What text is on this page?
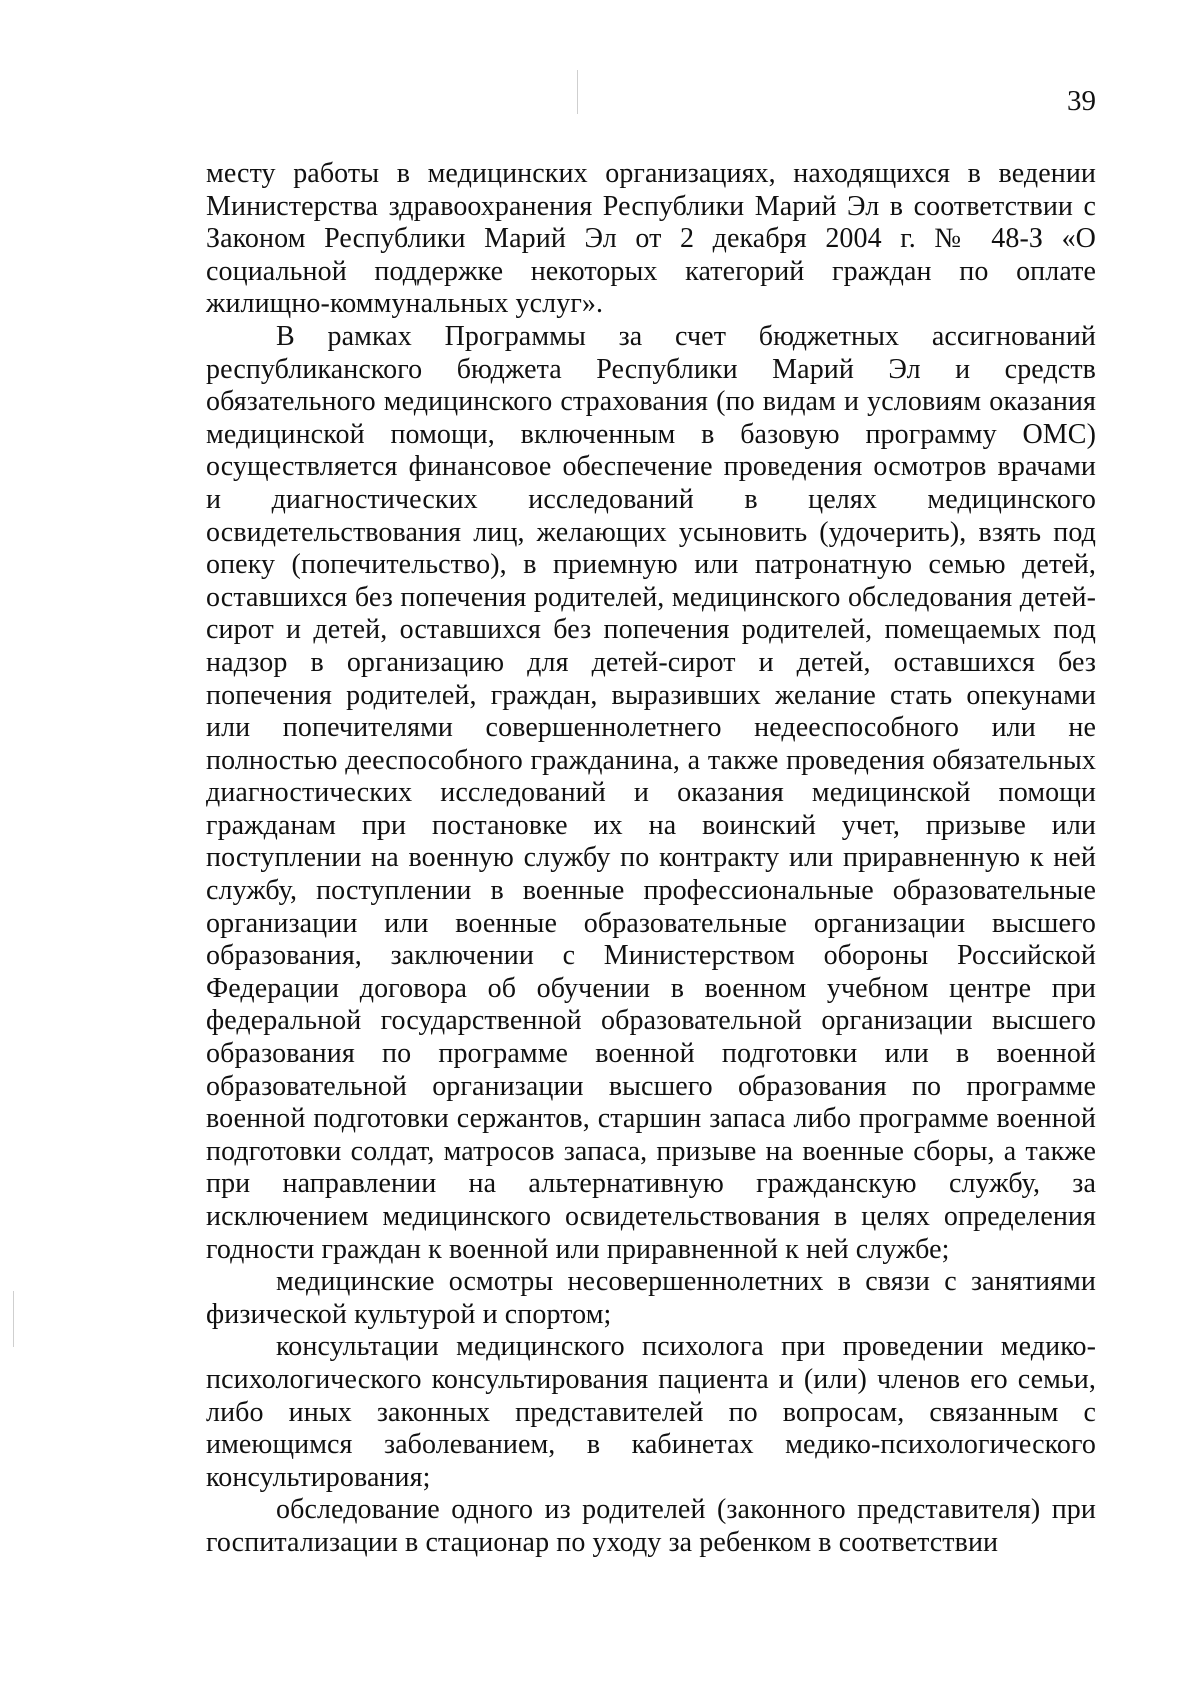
39

месту работы в медицинских организациях, находящихся в ведении Министерства здравоохранения Республики Марий Эл в соответствии с Законом Республики Марий Эл от 2 декабря 2004 г. № 48-З «О социальной поддержке некоторых категорий граждан по оплате жилищно-коммунальных услуг».

В рамках Программы за счет бюджетных ассигнований республиканского бюджета Республики Марий Эл и средств обязательного медицинского страхования (по видам и условиям оказания медицинской помощи, включенным в базовую программу ОМС) осуществляется финансовое обеспечение проведения осмотров врачами и диагностических исследований в целях медицинского освидетельствования лиц, желающих усыновить (удочерить), взять под опеку (попечительство), в приемную или патронатную семью детей, оставшихся без попечения родителей, медицинского обследования детей-сирот и детей, оставшихся без попечения родителей, помещаемых под надзор в организацию для детей-сирот и детей, оставшихся без попечения родителей, граждан, выразивших желание стать опекунами или попечителями совершеннолетнего недееспособного или не полностью дееспособного гражданина, а также проведения обязательных диагностических исследований и оказания медицинской помощи гражданам при постановке их на воинский учет, призыве или поступлении на военную службу по контракту или приравненную к ней службу, поступлении в военные профессиональные образовательные организации или военные образовательные организации высшего образования, заключении с Министерством обороны Российской Федерации договора об обучении в военном учебном центре при федеральной государственной образовательной организации высшего образования по программе военной подготовки или в военной образовательной организации высшего образования по программе военной подготовки сержантов, старшин запаса либо программе военной подготовки солдат, матросов запаса, призыве на военные сборы, а также при направлении на альтернативную гражданскую службу, за исключением медицинского освидетельствования в целях определения годности граждан к военной или приравненной к ней службе;

медицинские осмотры несовершеннолетних в связи с занятиями физической культурой и спортом;

консультации медицинского психолога при проведении медико-психологического консультирования пациента и (или) членов его семьи, либо иных законных представителей по вопросам, связанным с имеющимся заболеванием, в кабинетах медико-психологического консультирования;

обследование одного из родителей (законного представителя) при госпитализации в стационар по уходу за ребенком в соответствии
